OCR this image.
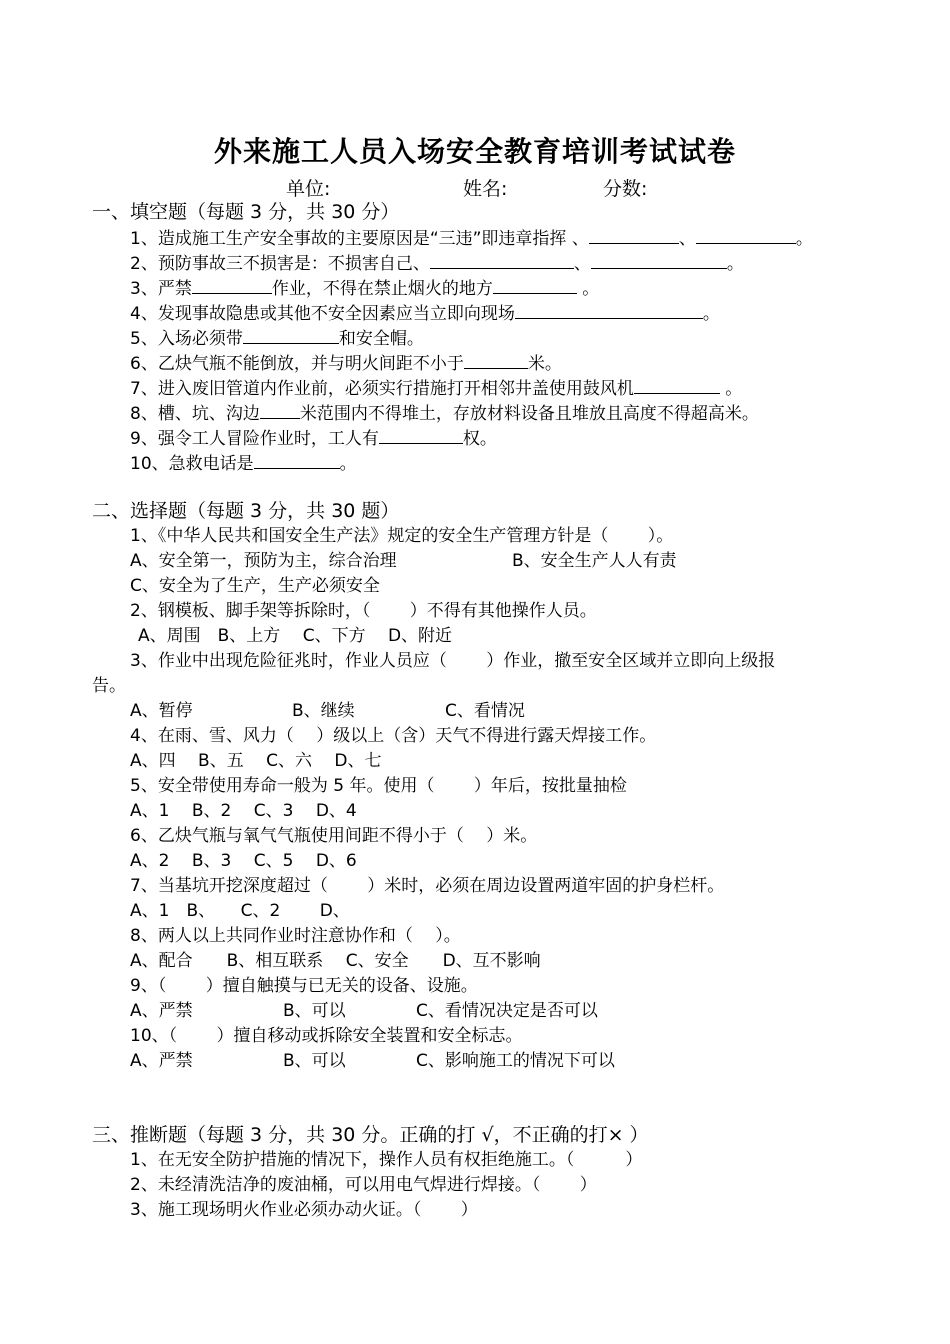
外来施工人员入场安全教育培训考试试卷
单位:	姓名:	分数:
一、填空题（每题 3 分，共 30 分）
1、造成施工生产安全事故的主要原因是“三违”即违章指挥 、	、	。
2、预防事故三不损害是：不损害自己、	、	。
3、严禁	作业，不得在禁止烟火的地方	。
4、发现事故隐患或其他不安全因素应当立即向现场	。
5、入场必须带	和安全帽。
6、乙炔气瓶不能倒放，并与明火间距不小于	米。
7、进入废旧管道内作业前，必须实行措施打开相邻井盖使用鼓风机	。
8、槽、坑、沟边 米范围内不得堆土，存放材料设备且堆放且高度不得超高米。
9、强令工人冒险作业时，工人有	权。
10、急救电话是	。
二、选择题（每题 3 分，共 30 题）
1、《中华人民共和国安全生产法》规定的安全生产管理方针是（　　 ）。
A、安全第一，预防为主，综合治理	B、安全生产人人有责
C、安全为了生产，生产必须安全
2、钢模板、脚手架等拆除时，（　　 ）不得有其他操作人员。
A、周围　B、上方　 C、下方　 D、附近
3、作业中出现危险征兆时，作业人员应（　　 ）作业，撤至安全区域并立即向上级报
告。
A、暂停	B、继续	C、看情况
4、在雨、雪、风力（　 ）级以上（含）天气不得进行露天焊接工作。
A、四　 B、五　 C、六　 D、七
5、安全带使用寿命一般为 5 年。使用（　　 ）年后，按批量抽检
A、1　 B、2　 C、3　 D、4
6、乙炔气瓶与氧气气瓶使用间距不得小于（　 ）米。
A、2　 B、3　 C、5　 D、6
7、当基坑开挖深度超过（　　 ）米时，必须在周边设置两道牢固的护身栏杆。
A、1　B、　　C、2　　 D、
8、两人以上共同作业时注意协作和（　 ）。
A、配合　　B、相互联系　 C、安全　　D、互不影响
9、（　　 ）擅自触摸与已无关的设备、设施。
A、严禁	B、可以	C、看情况决定是否可以
10、（　　 ）擅自移动或拆除安全装置和安全标志。
A、严禁	B、可以	C、影响施工的情况下可以
三、推断题（每题 3 分，共 30 分。正确的打 √，不正确的打× ）
1、在无安全防护措施的情况下，操作人员有权拒绝施工。（　　　）
2、未经清洗洁净的废油桶，可以用电气焊进行焊接。（　　 ）
3、施工现场明火作业必须办动火证。（　　 ）
